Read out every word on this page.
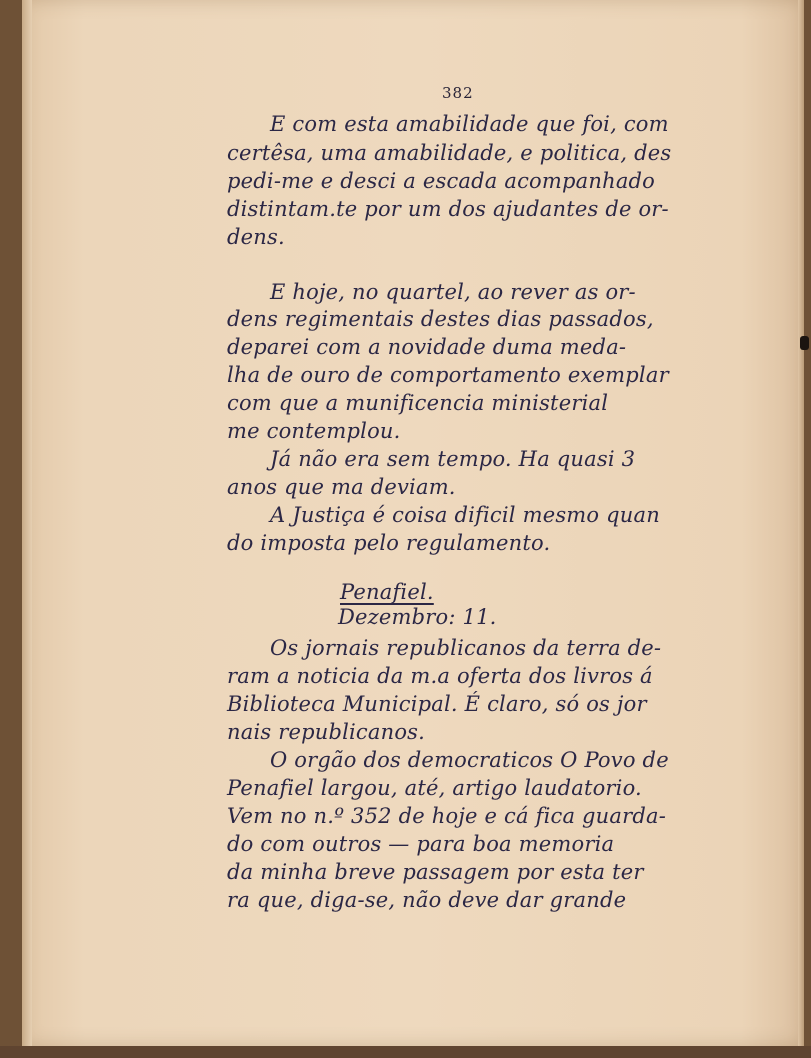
382
E com esta amabilidade que foi, com
certêsa, uma amabilidade, e politica, des
pedi-me e desci a escada acompanhado
distintam.te por um dos ajudantes de or-
dens.
E hoje, no quartel, ao rever as or-
dens regimentais destes dias passados,
deparei com a novidade duma meda-
lha de ouro de comportamento exemplar
com que a munificencia ministerial
me contemplou.
Já não era sem tempo. Ha quasi 3
anos que ma deviam.
A Justiça é coisa dificil mesmo quan
do imposta pelo regulamento.
Penafiel.
Dezembro: 11.
Os jornais republicanos da terra de-
ram a noticia da m.a oferta dos livros á
Biblioteca Municipal. É claro, só os jor
nais republicanos.
O orgão dos democraticos O Povo de
Penafiel largou, até, artigo laudatorio.
Vem no n.º 352 de hoje e cá fica guarda-
do com outros — para boa memoria
da minha breve passagem por esta ter
ra que, diga-se, não deve dar grande
